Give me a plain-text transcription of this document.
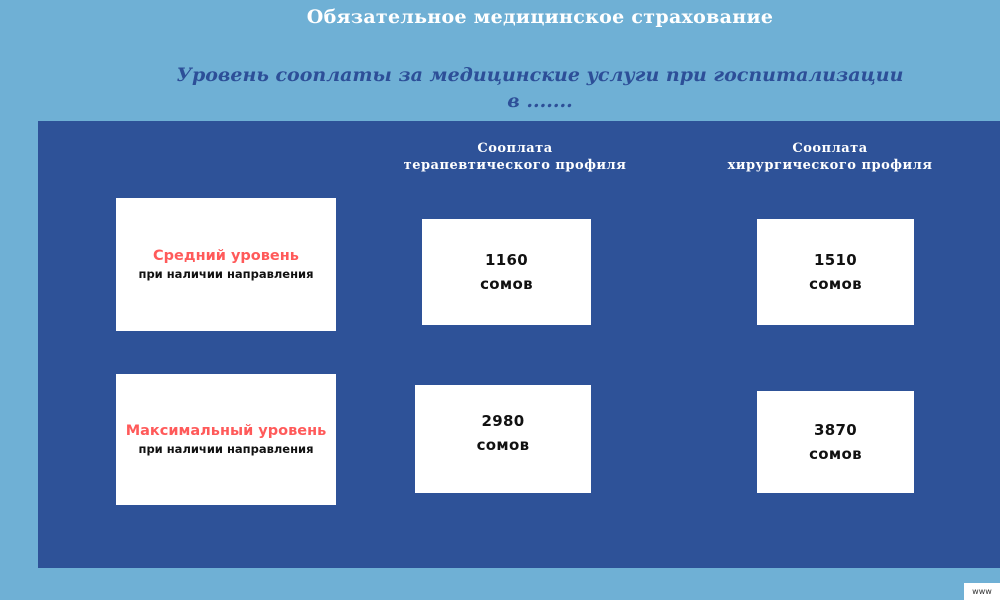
Обязательное медицинское страхование
Уровень соoплаты за медицинские услуги при госпитализации
в .......
Соoплата
терапевтического профиля
Соoплата
хирургического профиля
Средний уровень
при наличии направления
Максимальный уровень
при наличии направления
1160
сомов
1510
сомов
2980
сомов
3870
сомов
www
